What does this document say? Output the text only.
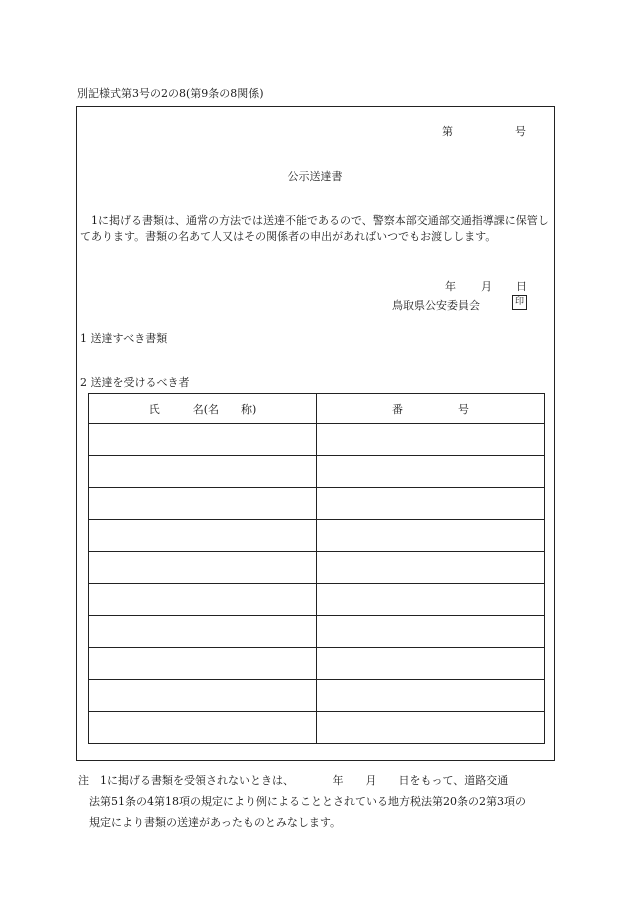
別記様式第3号の2の8(第9条の8関係)
第	号
公示送達書
1に掲げる書類は、通常の方法では送達不能であるので、警察本部交通部交通指導課に保管してあります。書類の名あて人又はその関係者の申出があればいつでもお渡しします。
年 月 日
鳥取県公安委員会	印
1 送達すべき書類
2 送達を受けるべき者
氏　　　名(名　　称)	番　　　　　号

注　1に掲げる書類を受領されないときは、　　　　年　　月　　日をもって、道路交通
法第51条の4第18項の規定により例によることとされている地方税法第20条の2第3項の
規定により書類の送達があったものとみなします。
